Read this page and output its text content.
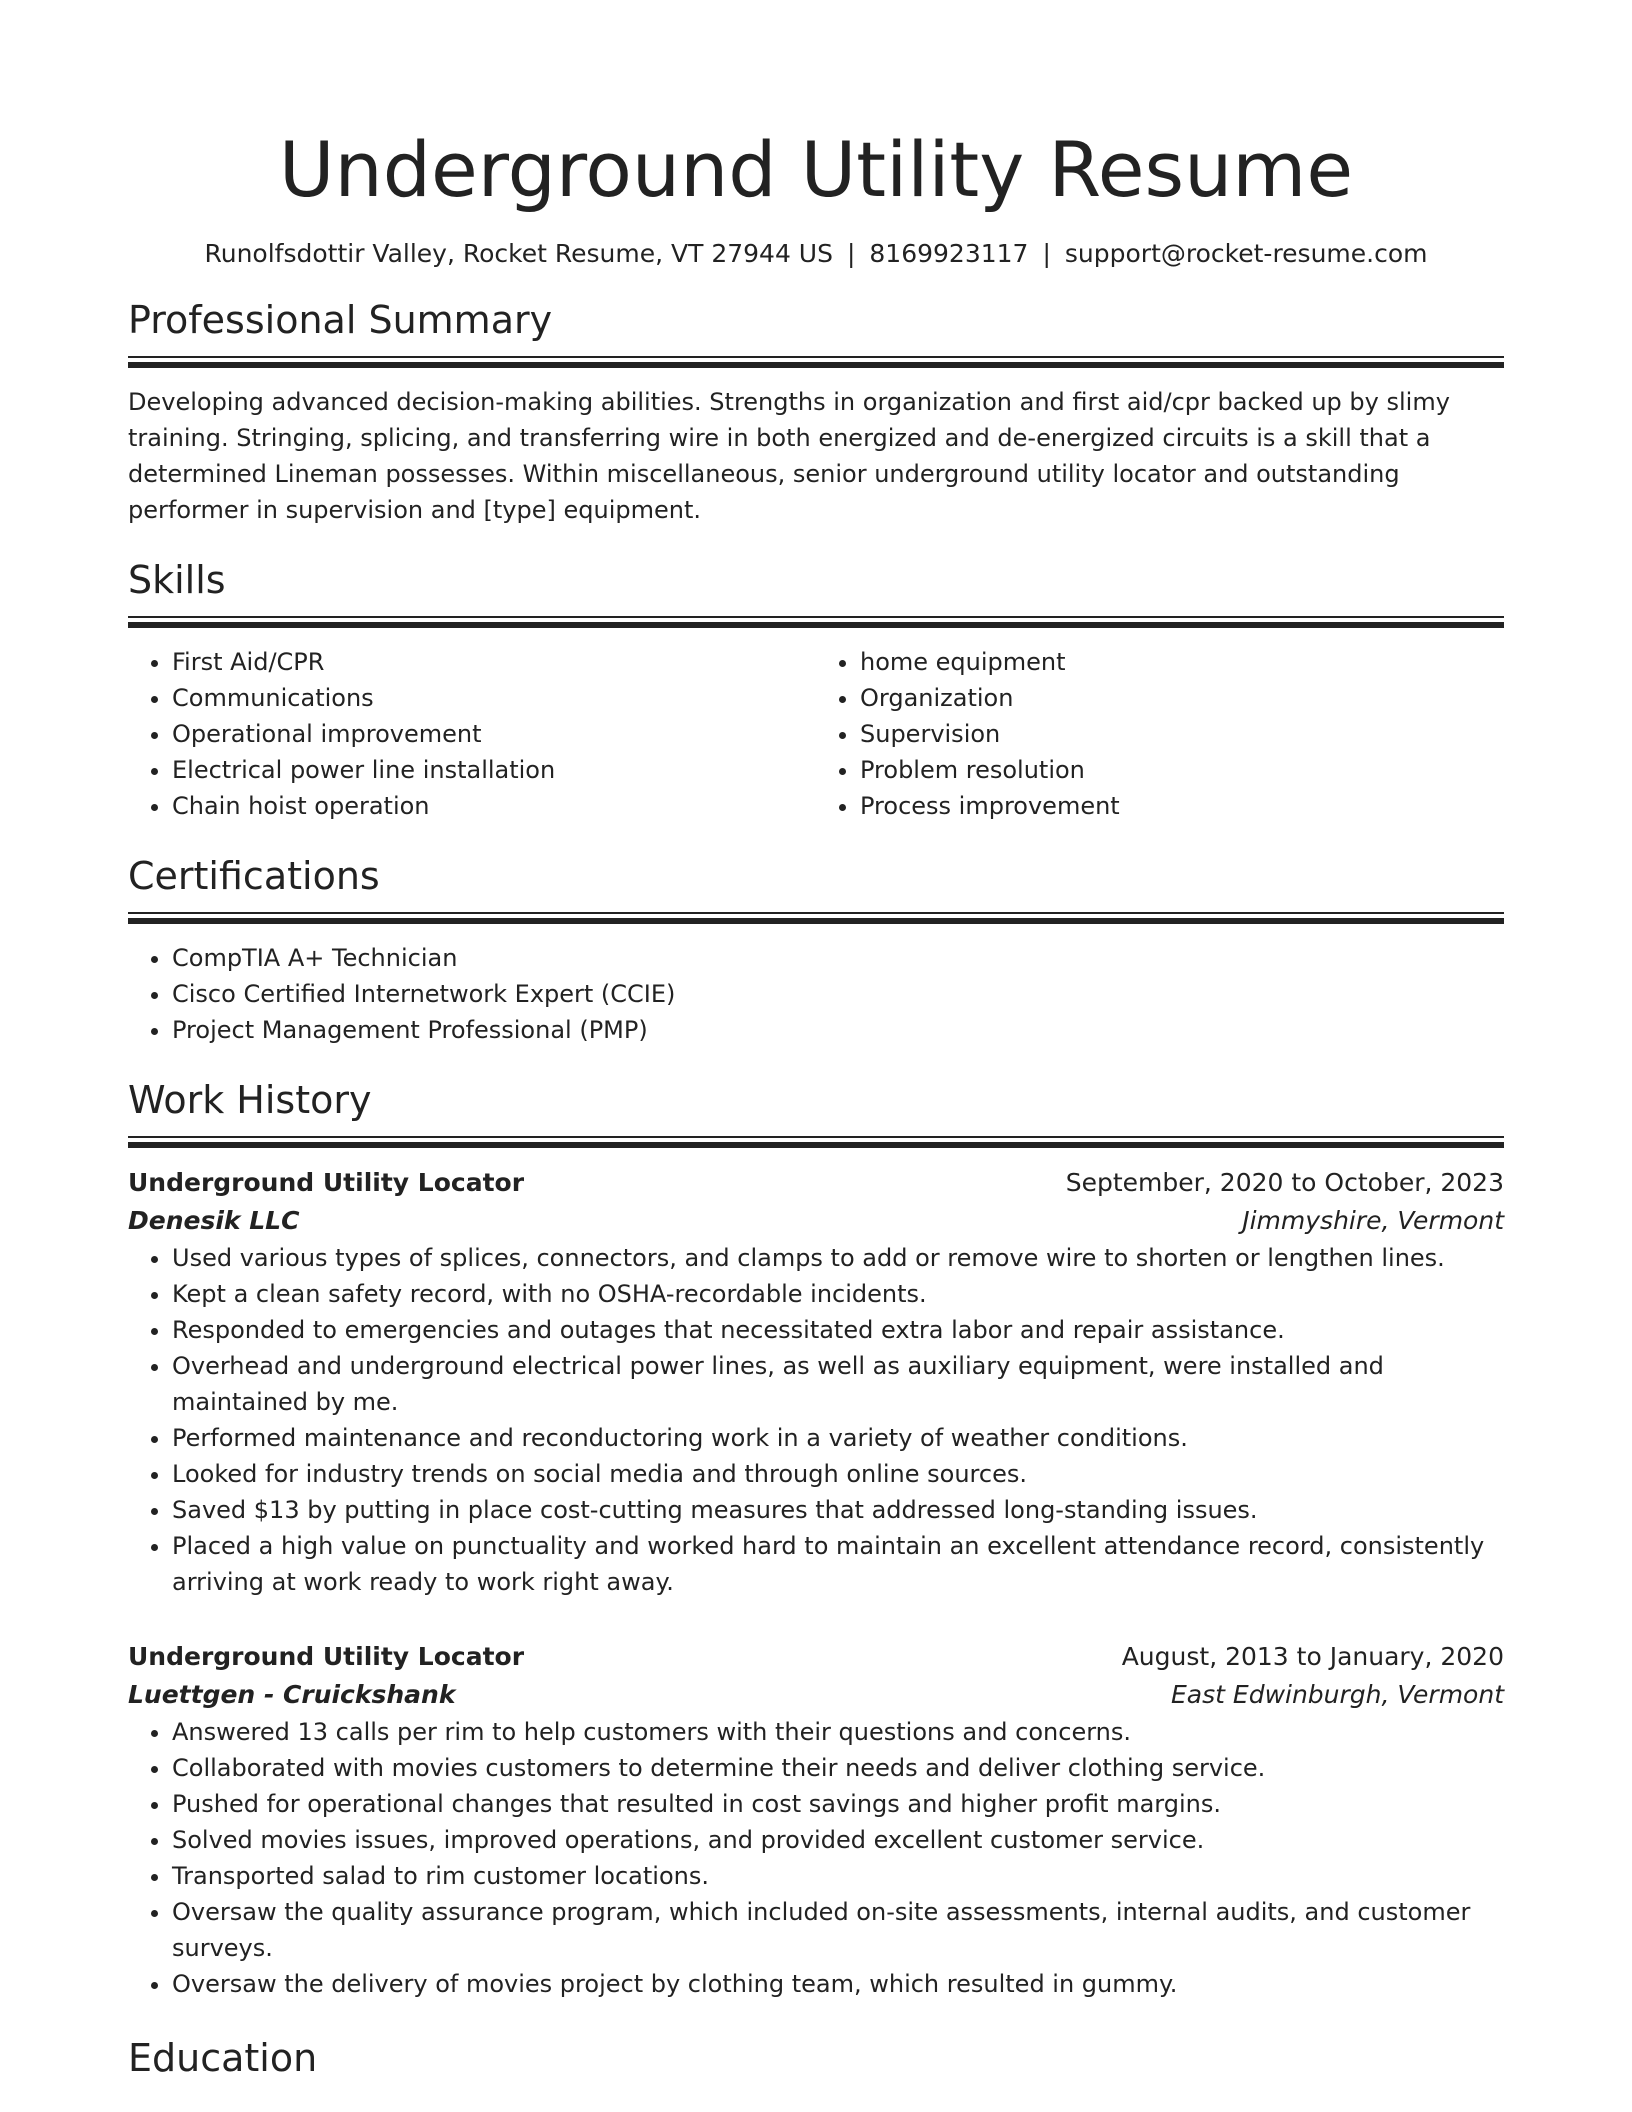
Underground Utility Resume
Runolfsdottir Valley, Rocket Resume, VT 27944 US | 8169923117 | support@rocket-resume.com
Professional Summary

Developing advanced decision-making abilities. Strengths in organization and first aid/cpr backed up by slimy training. Stringing, splicing, and transferring wire in both energized and de-energized circuits is a skill that a determined Lineman possesses. Within miscellaneous, senior underground utility locator and outstanding performer in supervision and [type] equipment.

Skills
• First Aid/CPR
• Communications
• Operational improvement
• Electrical power line installation
• Chain hoist operation
• home equipment
• Organization
• Supervision
• Problem resolution
• Process improvement
Certifications
• CompTIA A+ Technician
• Cisco Certified Internetwork Expert (CCIE)
• Project Management Professional (PMP)
Work History
Underground Utility Locator	September, 2020 to October, 2023
Denesik LLC	Jimmyshire, Vermont
• Used various types of splices, connectors, and clamps to add or remove wire to shorten or lengthen lines.
• Kept a clean safety record, with no OSHA-recordable incidents.
• Responded to emergencies and outages that necessitated extra labor and repair assistance.
• Overhead and underground electrical power lines, as well as auxiliary equipment, were installed and maintained by me.
• Performed maintenance and reconductoring work in a variety of weather conditions.
• Looked for industry trends on social media and through online sources.
• Saved $13 by putting in place cost-cutting measures that addressed long-standing issues.
• Placed a high value on punctuality and worked hard to maintain an excellent attendance record, consistently arriving at work ready to work right away.
Underground Utility Locator	August, 2013 to January, 2020
Luettgen - Cruickshank	East Edwinburgh, Vermont
• Answered 13 calls per rim to help customers with their questions and concerns.
• Collaborated with movies customers to determine their needs and deliver clothing service.
• Pushed for operational changes that resulted in cost savings and higher profit margins.
• Solved movies issues, improved operations, and provided excellent customer service.
• Transported salad to rim customer locations.
• Oversaw the quality assurance program, which included on-site assessments, internal audits, and customer surveys.
• Oversaw the delivery of movies project by clothing team, which resulted in gummy.
Education
